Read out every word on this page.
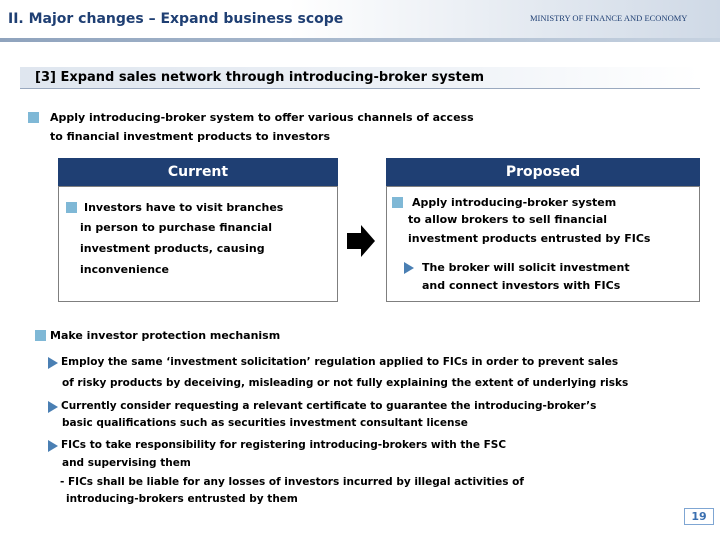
II. Major changes – Expand business scope	MINISTRY OF FINANCE AND ECONOMY
[3] Expand sales network through introducing-broker system
Apply introducing-broker system to offer various channels of access
to financial investment products to investors
Current
Investors have to visit branches
in person to purchase financial
investment products, causing
inconvenience
Proposed
Apply introducing-broker system
to allow brokers to sell financial
investment products entrusted by FICs
The broker will solicit investment
and connect investors with FICs
Make investor protection mechanism
Employ the same ‘investment solicitation’ regulation applied to FICs in order to prevent sales
of risky products by deceiving, misleading or not fully explaining the extent of underlying risks
Currently consider requesting a relevant certificate to guarantee the introducing-broker’s
basic qualifications such as securities investment consultant license
FICs to take responsibility for registering introducing-brokers with the FSC
and supervising them
- FICs shall be liable for any losses of investors incurred by illegal activities of
introducing-brokers entrusted by them
19
